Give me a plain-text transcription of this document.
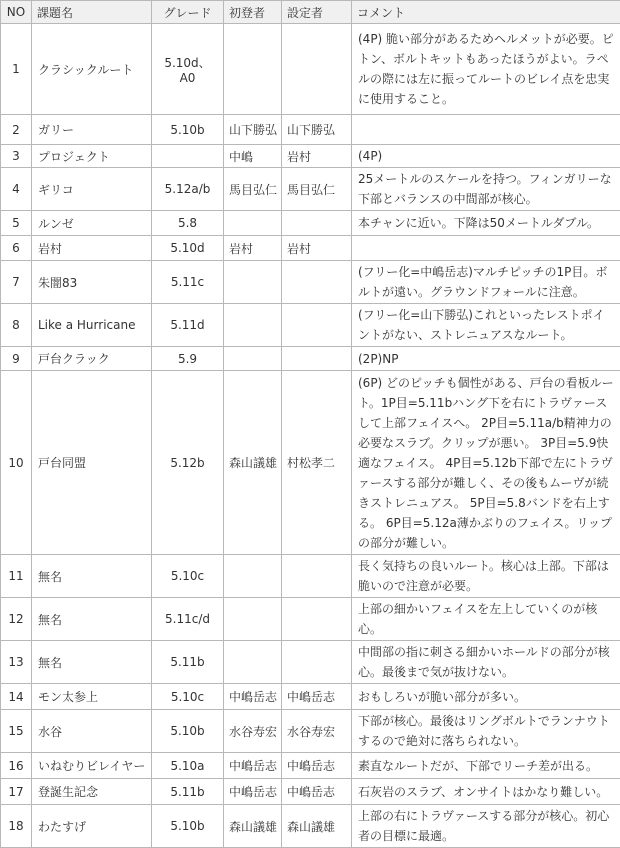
NO	課題名	グレード	初登者	設定者	コメント
1	クラシックルート	5.10d、A0			(4P) 脆い部分があるためヘルメットが必要。ピトン、ボルトキットもあったほうがよい。ラペルの際には左に振ってルートのビレイ点を忠実に使用すること。
2	ガリー	5.10b	山下勝弘	山下勝弘	
3	プロジェクト		中嶋	岩村	(4P)
4	ギリコ	5.12a/b	馬目弘仁	馬目弘仁	25メートルのスケールを持つ。フィンガリーな下部とバランスの中間部が核心。
5	ルンゼ	5.8			本チャンに近い。下降は50メートルダブル。
6	岩村	5.10d	岩村	岩村	
7	朱闇83	5.11c			(フリー化=中嶋岳志)マルチピッチの1P目。ボルトが遠い。グラウンドフォールに注意。
8	Like a Hurricane	5.11d			(フリー化=山下勝弘)これといったレストポイントがない、ストレニュアスなルート。
9	戸台クラック	5.9			(2P)NP
10	戸台同盟	5.12b	森山議雄	村松孝二	(6P) どのピッチも個性がある、戸台の看板ルート。1P目=5.11bハング下を右にトラヴァースして上部フェイスへ。 2P目=5.11a/b精神力の必要なスラブ。クリップが悪い。 3P目=5.9快適なフェイス。 4P目=5.12b下部で左にトラヴァースする部分が難しく、その後もムーヴが続きストレニュアス。 5P目=5.8バンドを右上する。 6P目=5.12a薄かぶりのフェイス。リップの部分が難しい。
11	無名	5.10c			長く気持ちの良いルート。核心は上部。下部は脆いので注意が必要。
12	無名	5.11c/d			上部の細かいフェイスを左上していくのが核心。
13	無名	5.11b			中間部の指に刺さる細かいホールドの部分が核心。最後まで気が抜けない。
14	モン太参上	5.10c	中嶋岳志	中嶋岳志	おもしろいが脆い部分が多い。
15	水谷	5.10b	水谷寿宏	水谷寿宏	下部が核心。最後はリングボルトでランナウトするので絶対に落ちられない。
16	いねむりビレイヤー	5.10a	中嶋岳志	中嶋岳志	素直なルートだが、下部でリーチ差が出る。
17	登誕生記念	5.11b	中嶋岳志	中嶋岳志	石灰岩のスラブ、オンサイトはかなり難しい。
18	わたすげ	5.10b	森山議雄	森山議雄	上部の右にトラヴァースする部分が核心。初心者の目標に最適。
